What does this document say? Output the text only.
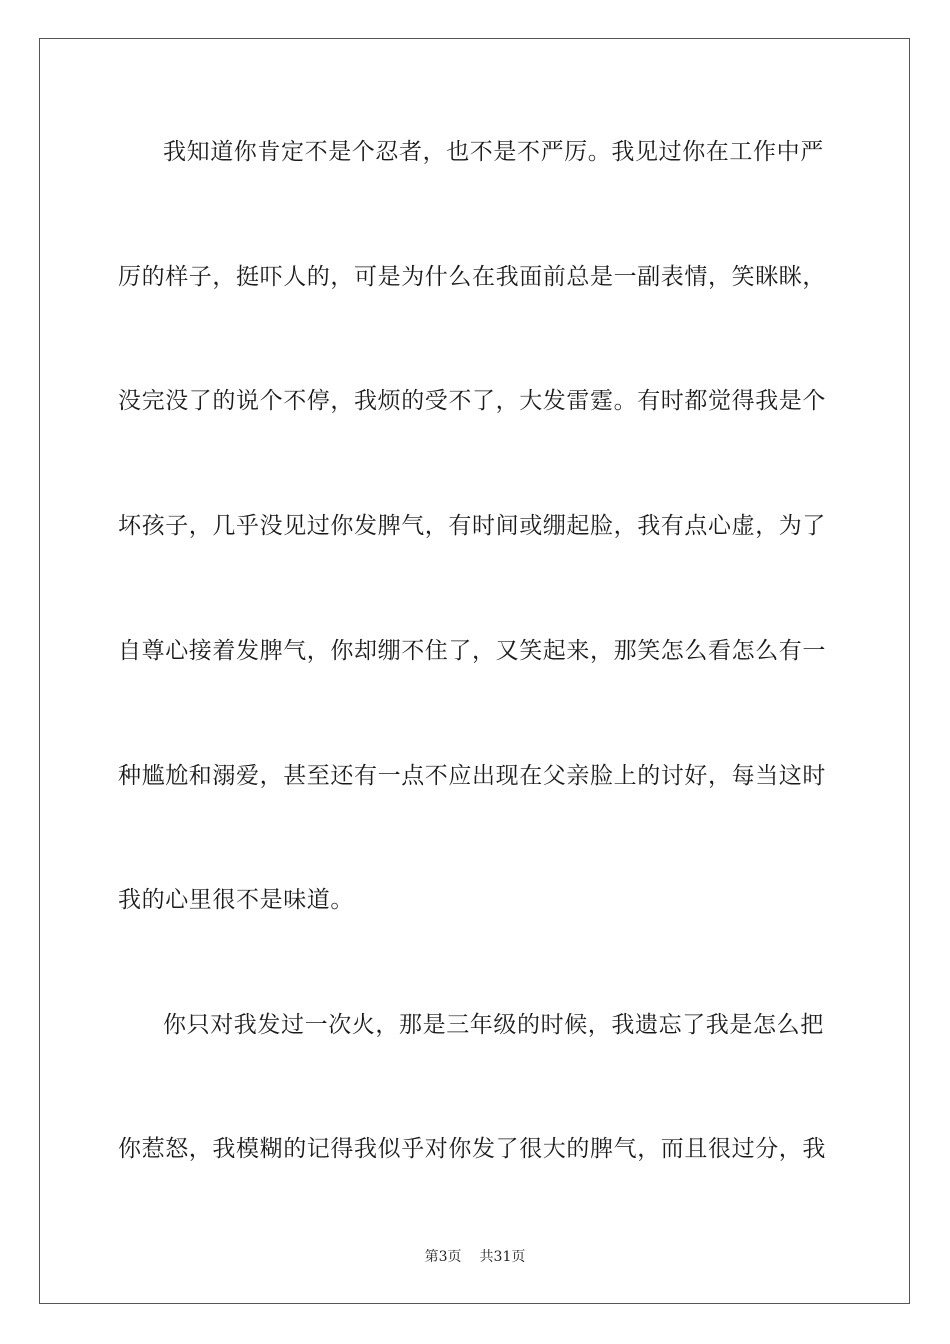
我知道你肯定不是个忍者，也不是不严厉。我见过你在工作中严
厉的样子，挺吓人的，可是为什么在我面前总是一副表情，笑眯眯，
没完没了的说个不停，我烦的受不了，大发雷霆。有时都觉得我是个
坏孩子，几乎没见过你发脾气，有时间或绷起脸，我有点心虚，为了
自尊心接着发脾气，你却绷不住了，又笑起来，那笑怎么看怎么有一
种尴尬和溺爱，甚至还有一点不应出现在父亲脸上的讨好，每当这时
我的心里很不是味道。
你只对我发过一次火，那是三年级的时候，我遗忘了我是怎么把
你惹怒，我模糊的记得我似乎对你发了很大的脾气，而且很过分，我
第3页 共31页
